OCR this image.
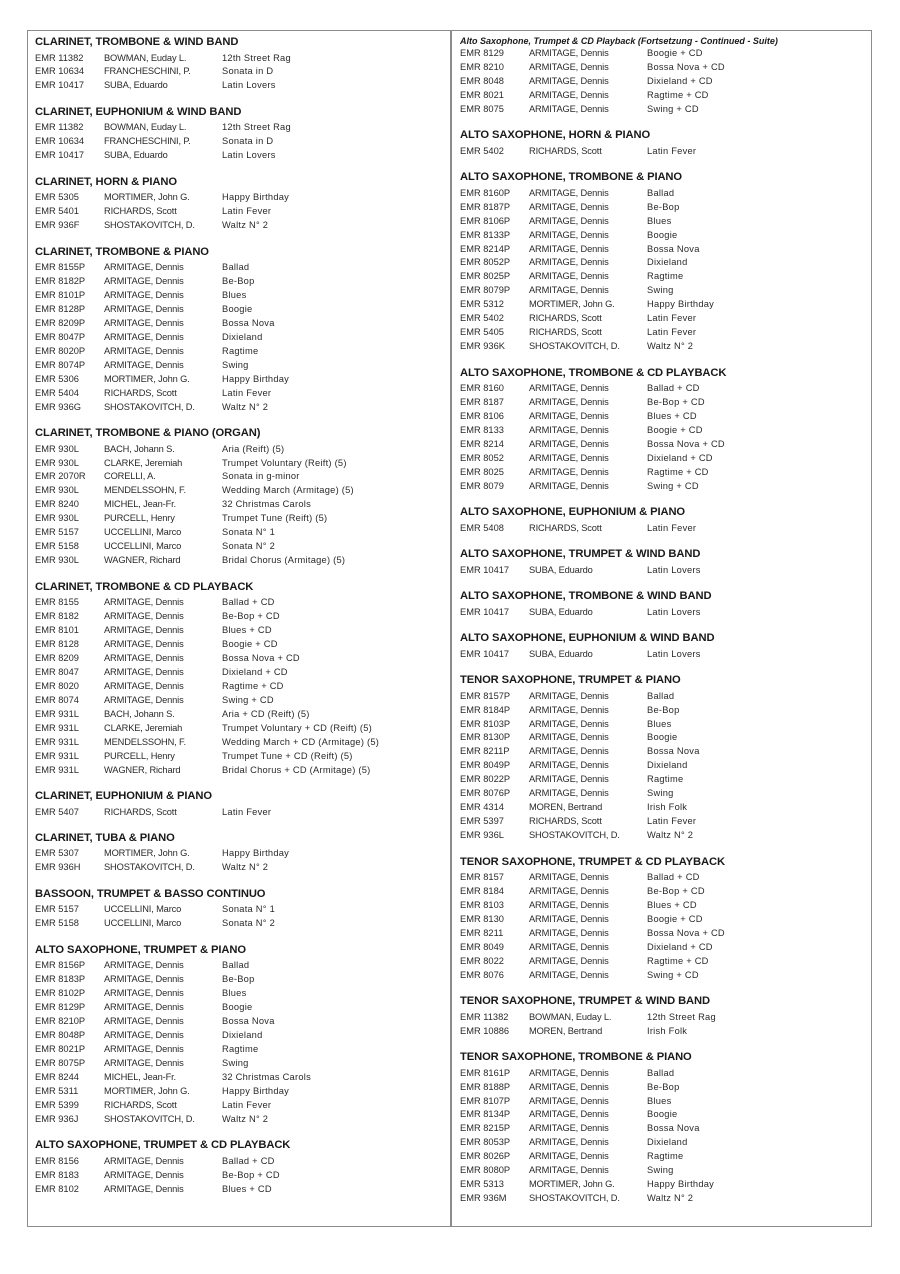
CLARINET, TROMBONE & WIND BAND
EMR 11382	BOWMAN, Euday L.	12th Street Rag
EMR 10634	FRANCHESCHINI, P.	Sonata in D
EMR 10417	SUBA, Eduardo	Latin Lovers
CLARINET, EUPHONIUM & WIND BAND
EMR 11382	BOWMAN, Euday L.	12th Street Rag
EMR 10634	FRANCHESCHINI, P.	Sonata in D
EMR 10417	SUBA, Eduardo	Latin Lovers
CLARINET, HORN & PIANO
EMR 5305	MORTIMER, John G.	Happy Birthday
EMR 5401	RICHARDS, Scott	Latin Fever
EMR 936F	SHOSTAKOVITCH, D.	Waltz N° 2
CLARINET, TROMBONE & PIANO
EMR 8155P	ARMITAGE, Dennis	Ballad
EMR 8182P	ARMITAGE, Dennis	Be-Bop
EMR 8101P	ARMITAGE, Dennis	Blues
EMR 8128P	ARMITAGE, Dennis	Boogie
EMR 8209P	ARMITAGE, Dennis	Bossa Nova
EMR 8047P	ARMITAGE, Dennis	Dixieland
EMR 8020P	ARMITAGE, Dennis	Ragtime
EMR 8074P	ARMITAGE, Dennis	Swing
EMR 5306	MORTIMER, John G.	Happy Birthday
EMR 5404	RICHARDS, Scott	Latin Fever
EMR 936G	SHOSTAKOVITCH, D.	Waltz N° 2
CLARINET, TROMBONE & PIANO (ORGAN)
EMR 930L	BACH, Johann S.	Aria (Reift) (5)
EMR 930L	CLARKE, Jeremiah	Trumpet Voluntary (Reift) (5)
EMR 2070R	CORELLI, A.	Sonata in g-minor
EMR 930L	MENDELSSOHN, F.	Wedding March (Armitage) (5)
EMR 8240	MICHEL, Jean-Fr.	32 Christmas Carols
EMR 930L	PURCELL, Henry	Trumpet Tune (Reift) (5)
EMR 5157	UCCELLINI, Marco	Sonata N° 1
EMR 5158	UCCELLINI, Marco	Sonata N° 2
EMR 930L	WAGNER, Richard	Bridal Chorus (Armitage) (5)
CLARINET, TROMBONE & CD PLAYBACK
EMR 8155	ARMITAGE, Dennis	Ballad + CD
EMR 8182	ARMITAGE, Dennis	Be-Bop + CD
EMR 8101	ARMITAGE, Dennis	Blues + CD
EMR 8128	ARMITAGE, Dennis	Boogie + CD
EMR 8209	ARMITAGE, Dennis	Bossa Nova + CD
EMR 8047	ARMITAGE, Dennis	Dixieland + CD
EMR 8020	ARMITAGE, Dennis	Ragtime + CD
EMR 8074	ARMITAGE, Dennis	Swing + CD
EMR 931L	BACH, Johann S.	Aria + CD (Reift) (5)
EMR 931L	CLARKE, Jeremiah	Trumpet Voluntary + CD (Reift) (5)
EMR 931L	MENDELSSOHN, F.	Wedding March + CD (Armitage) (5)
EMR 931L	PURCELL, Henry	Trumpet Tune + CD (Reift) (5)
EMR 931L	WAGNER, Richard	Bridal Chorus + CD (Armitage) (5)
CLARINET, EUPHONIUM & PIANO
EMR 5407	RICHARDS, Scott	Latin Fever
CLARINET, TUBA & PIANO
EMR 5307	MORTIMER, John G.	Happy Birthday
EMR 936H	SHOSTAKOVITCH, D.	Waltz N° 2
BASSOON, TRUMPET & BASSO CONTINUO
EMR 5157	UCCELLINI, Marco	Sonata N° 1
EMR 5158	UCCELLINI, Marco	Sonata N° 2
ALTO SAXOPHONE, TRUMPET & PIANO
EMR 8156P	ARMITAGE, Dennis	Ballad
EMR 8183P	ARMITAGE, Dennis	Be-Bop
EMR 8102P	ARMITAGE, Dennis	Blues
EMR 8129P	ARMITAGE, Dennis	Boogie
EMR 8210P	ARMITAGE, Dennis	Bossa Nova
EMR 8048P	ARMITAGE, Dennis	Dixieland
EMR 8021P	ARMITAGE, Dennis	Ragtime
EMR 8075P	ARMITAGE, Dennis	Swing
EMR 8244	MICHEL, Jean-Fr.	32 Christmas Carols
EMR 5311	MORTIMER, John G.	Happy Birthday
EMR 5399	RICHARDS, Scott	Latin Fever
EMR 936J	SHOSTAKOVITCH, D.	Waltz N° 2
ALTO SAXOPHONE, TRUMPET & CD PLAYBACK
EMR 8156	ARMITAGE, Dennis	Ballad + CD
EMR 8183	ARMITAGE, Dennis	Be-Bop + CD
EMR 8102	ARMITAGE, Dennis	Blues + CD

Alto Saxophone, Trumpet & CD Playback (Fortsetzung - Continued - Suite)

EMR 8129	ARMITAGE, Dennis	Boogie + CD
EMR 8210	ARMITAGE, Dennis	Bossa Nova + CD
EMR 8048	ARMITAGE, Dennis	Dixieland + CD
EMR 8021	ARMITAGE, Dennis	Ragtime + CD
EMR 8075	ARMITAGE, Dennis	Swing + CD
ALTO SAXOPHONE, HORN & PIANO
EMR 5402	RICHARDS, Scott	Latin Fever
ALTO SAXOPHONE, TROMBONE & PIANO
EMR 8160P	ARMITAGE, Dennis	Ballad
EMR 8187P	ARMITAGE, Dennis	Be-Bop
EMR 8106P	ARMITAGE, Dennis	Blues
EMR 8133P	ARMITAGE, Dennis	Boogie
EMR 8214P	ARMITAGE, Dennis	Bossa Nova
EMR 8052P	ARMITAGE, Dennis	Dixieland
EMR 8025P	ARMITAGE, Dennis	Ragtime
EMR 8079P	ARMITAGE, Dennis	Swing
EMR 5312	MORTIMER, John G.	Happy Birthday
EMR 5402	RICHARDS, Scott	Latin Fever
EMR 5405	RICHARDS, Scott	Latin Fever
EMR 936K	SHOSTAKOVITCH, D.	Waltz N° 2
ALTO SAXOPHONE, TROMBONE & CD PLAYBACK
EMR 8160	ARMITAGE, Dennis	Ballad + CD
EMR 8187	ARMITAGE, Dennis	Be-Bop + CD
EMR 8106	ARMITAGE, Dennis	Blues + CD
EMR 8133	ARMITAGE, Dennis	Boogie + CD
EMR 8214	ARMITAGE, Dennis	Bossa Nova + CD
EMR 8052	ARMITAGE, Dennis	Dixieland + CD
EMR 8025	ARMITAGE, Dennis	Ragtime + CD
EMR 8079	ARMITAGE, Dennis	Swing + CD
ALTO SAXOPHONE, EUPHONIUM & PIANO
EMR 5408	RICHARDS, Scott	Latin Fever
ALTO SAXOPHONE, TRUMPET & WIND BAND
EMR 10417	SUBA, Eduardo	Latin Lovers
ALTO SAXOPHONE, TROMBONE & WIND BAND
EMR 10417	SUBA, Eduardo	Latin Lovers
ALTO SAXOPHONE, EUPHONIUM & WIND BAND
EMR 10417	SUBA, Eduardo	Latin Lovers
TENOR SAXOPHONE, TRUMPET & PIANO
EMR 8157P	ARMITAGE, Dennis	Ballad
EMR 8184P	ARMITAGE, Dennis	Be-Bop
EMR 8103P	ARMITAGE, Dennis	Blues
EMR 8130P	ARMITAGE, Dennis	Boogie
EMR 8211P	ARMITAGE, Dennis	Bossa Nova
EMR 8049P	ARMITAGE, Dennis	Dixieland
EMR 8022P	ARMITAGE, Dennis	Ragtime
EMR 8076P	ARMITAGE, Dennis	Swing
EMR 4314	MOREN, Bertrand	Irish Folk
EMR 5397	RICHARDS, Scott	Latin Fever
EMR 936L	SHOSTAKOVITCH, D.	Waltz N° 2
TENOR SAXOPHONE, TRUMPET & CD PLAYBACK
EMR 8157	ARMITAGE, Dennis	Ballad + CD
EMR 8184	ARMITAGE, Dennis	Be-Bop + CD
EMR 8103	ARMITAGE, Dennis	Blues + CD
EMR 8130	ARMITAGE, Dennis	Boogie + CD
EMR 8211	ARMITAGE, Dennis	Bossa Nova + CD
EMR 8049	ARMITAGE, Dennis	Dixieland + CD
EMR 8022	ARMITAGE, Dennis	Ragtime + CD
EMR 8076	ARMITAGE, Dennis	Swing + CD
TENOR SAXOPHONE, TRUMPET & WIND BAND
EMR 11382	BOWMAN, Euday L.	12th Street Rag
EMR 10886	MOREN, Bertrand	Irish Folk
TENOR SAXOPHONE, TROMBONE & PIANO
EMR 8161P	ARMITAGE, Dennis	Ballad
EMR 8188P	ARMITAGE, Dennis	Be-Bop
EMR 8107P	ARMITAGE, Dennis	Blues
EMR 8134P	ARMITAGE, Dennis	Boogie
EMR 8215P	ARMITAGE, Dennis	Bossa Nova
EMR 8053P	ARMITAGE, Dennis	Dixieland
EMR 8026P	ARMITAGE, Dennis	Ragtime
EMR 8080P	ARMITAGE, Dennis	Swing
EMR 5313	MORTIMER, John G.	Happy Birthday
EMR 936M	SHOSTAKOVITCH, D.	Waltz N° 2
